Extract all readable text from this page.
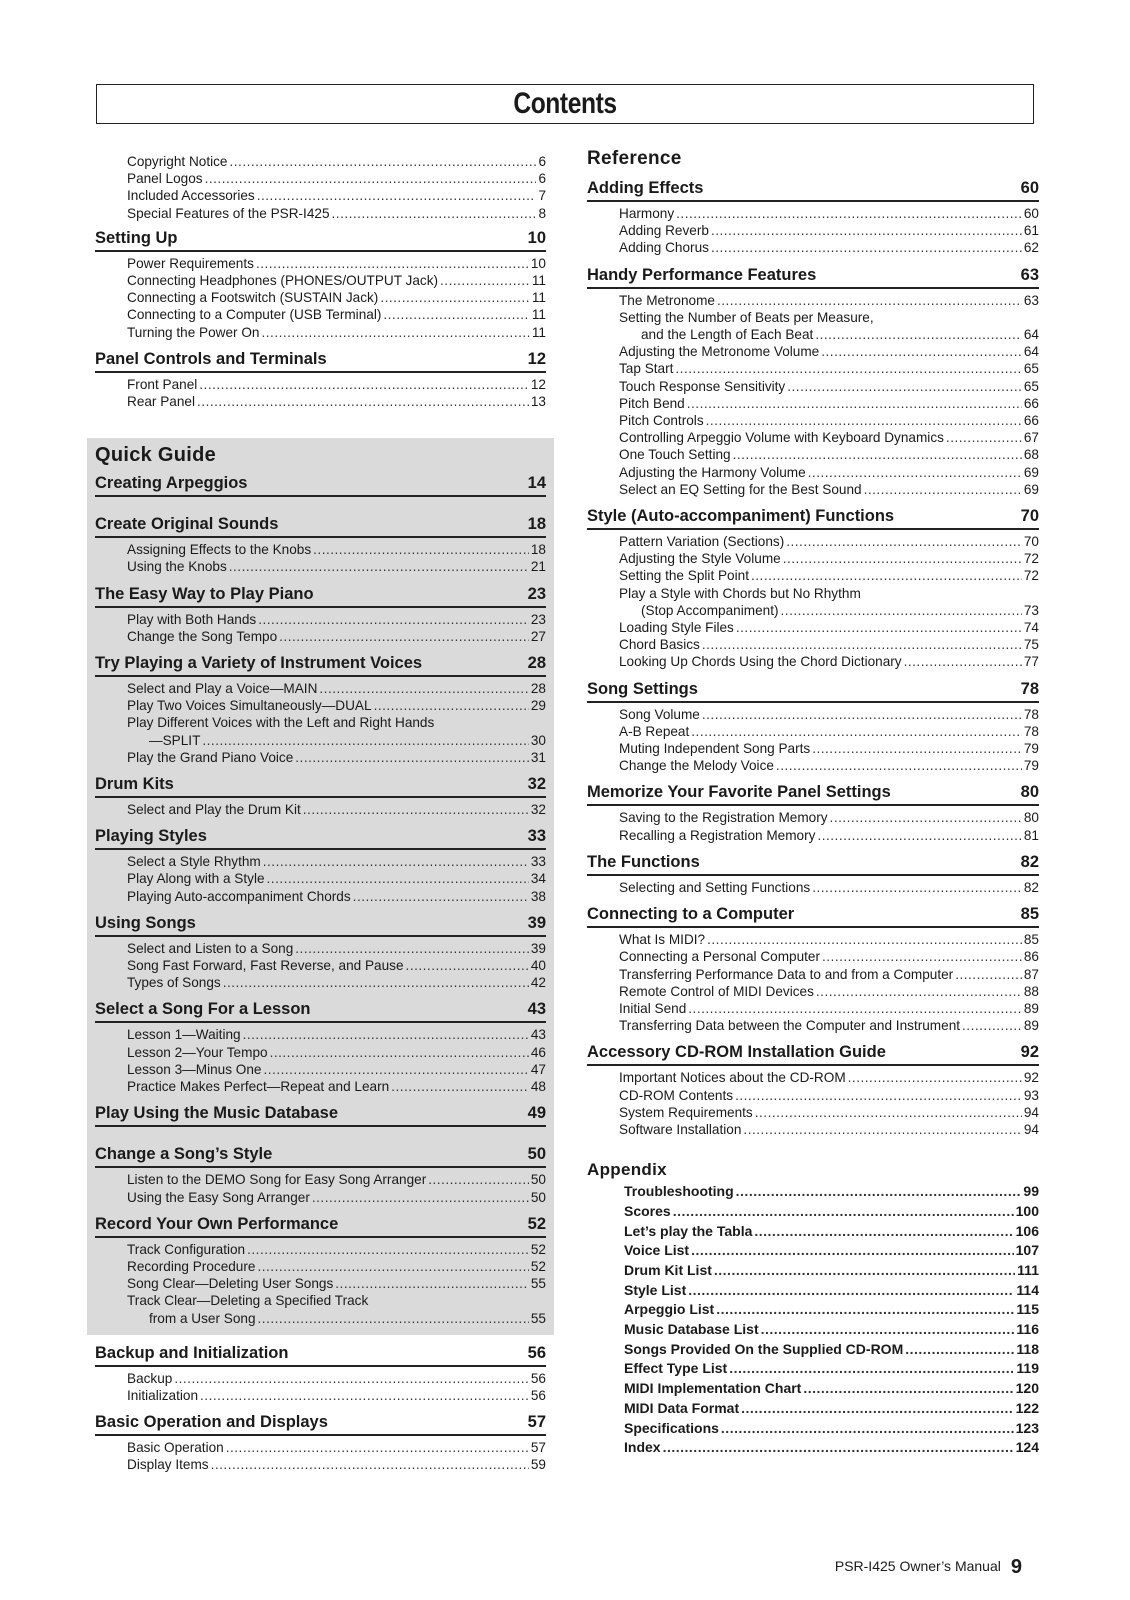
Contents
Copyright Notice .....	6
Panel Logos .....	6
Included Accessories .....	7
Special Features of the PSR-I425 .....	8
Setting Up	10
Power Requirements .....	10
Connecting Headphones (PHONES/OUTPUT Jack) .....	11
Connecting a Footswitch (SUSTAIN Jack) .....	11
Connecting to a Computer (USB Terminal) .....	11
Turning the Power On .....	11
Panel Controls and Terminals	12
Front Panel .....	12
Rear Panel .....	13
Quick Guide
Creating Arpeggios	14
Create Original Sounds	18
Assigning Effects to the Knobs .....	18
Using the Knobs .....	21
The Easy Way to Play Piano	23
Play with Both Hands .....	23
Change the Song Tempo .....	27
Try Playing a Variety of Instrument Voices	28
Select and Play a Voice—MAIN .....	28
Play Two Voices Simultaneously—DUAL .....	29
Play Different Voices with the Left and Right Hands
—SPLIT .....	30
Play the Grand Piano Voice .....	31
Drum Kits	32
Select and Play the Drum Kit .....	32
Playing Styles	33
Select a Style Rhythm .....	33
Play Along with a Style .....	34
Playing Auto-accompaniment Chords .....	38
Using Songs	39
Select and Listen to a Song .....	39
Song Fast Forward, Fast Reverse, and Pause .....	40
Types of Songs .....	42
Select a Song For a Lesson	43
Lesson 1—Waiting .....	43
Lesson 2—Your Tempo .....	46
Lesson 3—Minus One .....	47
Practice Makes Perfect—Repeat and Learn .....	48
Play Using the Music Database	49
Change a Song’s Style	50
Listen to the DEMO Song for Easy Song Arranger .....	50
Using the Easy Song Arranger .....	50
Record Your Own Performance	52
Track Configuration .....	52
Recording Procedure .....	52
Song Clear—Deleting User Songs .....	55
Track Clear—Deleting a Specified Track
from a User Song .....	55
Backup and Initialization	56
Backup .....	56
Initialization .....	56
Basic Operation and Displays	57
Basic Operation .....	57
Display Items .....	59
Reference
Adding Effects	60
Harmony .....	60
Adding Reverb .....	61
Adding Chorus .....	62
Handy Performance Features	63
The Metronome .....	63
Setting the Number of Beats per Measure,
and the Length of Each Beat .....	64
Adjusting the Metronome Volume .....	64
Tap Start .....	65
Touch Response Sensitivity .....	65
Pitch Bend .....	66
Pitch Controls .....	66
Controlling Arpeggio Volume with Keyboard Dynamics .....	67
One Touch Setting .....	68
Adjusting the Harmony Volume .....	69
Select an EQ Setting for the Best Sound .....	69
Style (Auto-accompaniment) Functions	70
Pattern Variation (Sections) .....	70
Adjusting the Style Volume .....	72
Setting the Split Point .....	72
Play a Style with Chords but No Rhythm
(Stop Accompaniment) .....	73
Loading Style Files .....	74
Chord Basics .....	75
Looking Up Chords Using the Chord Dictionary .....	77
Song Settings	78
Song Volume .....	78
A-B Repeat .....	78
Muting Independent Song Parts .....	79
Change the Melody Voice .....	79
Memorize Your Favorite Panel Settings	80
Saving to the Registration Memory .....	80
Recalling a Registration Memory .....	81
The Functions	82
Selecting and Setting Functions .....	82
Connecting to a Computer	85
What Is MIDI? .....	85
Connecting a Personal Computer .....	86
Transferring Performance Data to and from a Computer .....	87
Remote Control of MIDI Devices .....	88
Initial Send .....	89
Transferring Data between the Computer and Instrument .....	89
Accessory CD-ROM Installation Guide	92
Important Notices about the CD-ROM .....	92
CD-ROM Contents .....	93
System Requirements .....	94
Software Installation .....	94
Appendix
Troubleshooting .....	99
Scores .....	100
Let’s play the Tabla .....	106
Voice List .....	107
Drum Kit List .....	111
Style List .....	114
Arpeggio List .....	115
Music Database List .....	116
Songs Provided On the Supplied CD-ROM .....	118
Effect Type List .....	119
MIDI Implementation Chart .....	120
MIDI Data Format .....	122
Specifications .....	123
Index .....	124
PSR-I425 Owner’s Manual 9
